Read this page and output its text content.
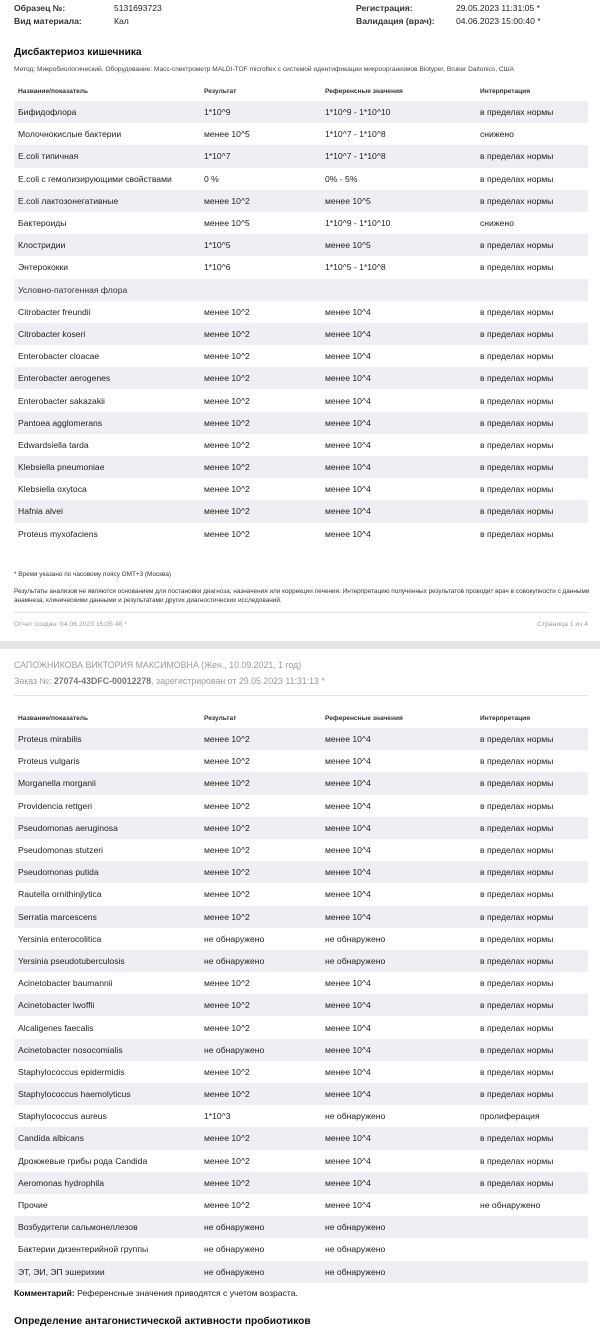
Образец №:	5131693723	Регистрация:	29.05.2023 11:31:05 *
Вид материала:	Кал	Валидация (врач): 04.06.2023 15:00:40 *
Дисбактериоз кишечника
Метод: Микробиологический. Оборудование: Масс-спектрометр MALDI-TOF microflex с системой идентификации микроорганизмов Biotyper, Bruker Daltonics, США
Название/показатель	Результат	Референсные значения	Интерпретация
Бифидофлора	1*10^9	1*10^9 - 1*10^10	в пределах нормы
Молочнокислые бактерии	менее 10^5	1*10^7 - 1*10^8	снижено
E.coli типичная	1*10^7	1*10^7 - 1*10^8	в пределах нормы
E.coli с гемолизирующими свойствами	0 %	0% - 5%	в пределах нормы
E.coli лактозонегативные	менее 10^2	менее 10^5	в пределах нормы
Бактероиды	менее 10^5	1*10^9 - 1*10^10	снижено
Клостридии	1*10^5	менее 10^5	в пределах нормы
Энтерококки	1*10^6	1*10^5 - 1*10^8	в пределах нормы
Условно-патогенная флора			
Citrobacter freundii	менее 10^2	менее 10^4	в пределах нормы
Citrobacter koseri	менее 10^2	менее 10^4	в пределах нормы
Enterobacter cloacae	менее 10^2	менее 10^4	в пределах нормы
Enterobacter aerogenes	менее 10^2	менее 10^4	в пределах нормы
Enterobacter sakazakii	менее 10^2	менее 10^4	в пределах нормы
Pantoea agglomerans	менее 10^2	менее 10^4	в пределах нормы
Edwardsiella tarda	менее 10^2	менее 10^4	в пределах нормы
Klebsiella pneumoniae	менее 10^2	менее 10^4	в пределах нормы
Klebsiella oxytoca	менее 10^2	менее 10^4	в пределах нормы
Hafnia alvei	менее 10^2	менее 10^4	в пределах нормы
Proteus myxofaciens	менее 10^2	менее 10^4	в пределах нормы
* Время указано по часовому поясу GMT+3 (Москва)
Результаты анализов не являются основанием для постановки диагноза, назначения или коррекции лечения. Интерпретацию полученных результатов проводит врач в совокупности с данными анамнеза, клиническими данными и результатами других диагностических исследований.
Отчет создан: 04.06.2023 15:05:48 *	Страница 1 из 4
САПОЖНИКОВА ВИКТОРИЯ МАКСИМОВНА (Жен., 10.09.2021, 1 год)
Заказ №: 27074-43DFC-00012278, зарегистрирован от 29.05.2023 11:31:13 *
Название/показатель	Результат	Референсные значения	Интерпретация
Proteus mirabilis	менее 10^2	менее 10^4	в пределах нормы
Proteus vulgaris	менее 10^2	менее 10^4	в пределах нормы
Morganella morganii	менее 10^2	менее 10^4	в пределах нормы
Providencia rettgeri	менее 10^2	менее 10^4	в пределах нормы
Pseudomonas aeruginosa	менее 10^2	менее 10^4	в пределах нормы
Pseudomonas stutzeri	менее 10^2	менее 10^4	в пределах нормы
Pseudomonas putida	менее 10^2	менее 10^4	в пределах нормы
Rautella ornithinjlytica	менее 10^2	менее 10^4	в пределах нормы
Serratia marcescens	менее 10^2	менее 10^4	в пределах нормы
Yersinia enterocolitica	не обнаружено	не обнаружено	в пределах нормы
Yersinia pseudotuberculosis	не обнаружено	не обнаружено	в пределах нормы
Acinetobacter baumannii	менее 10^2	менее 10^4	в пределах нормы
Acinetobacter lwoffii	менее 10^2	менее 10^4	в пределах нормы
Alcaligenes faecalis	менее 10^2	менее 10^4	в пределах нормы
Acinetobacter nosocomialis	не обнаружено	менее 10^4	в пределах нормы
Staphylococcus epidermidis	менее 10^2	менее 10^4	в пределах нормы
Staphylococcus haemolyticus	менее 10^2	менее 10^4	в пределах нормы
Staphylococcus aureus	1*10^3	не обнаружено	пролиферация
Candida albicans	менее 10^2	менее 10^4	в пределах нормы
Дрожжевые грибы рода Candida	менее 10^2	менее 10^4	в пределах нормы
Aeromonas hydrophila	менее 10^2	менее 10^4	в пределах нормы
Прочие	менее 10^2	менее 10^4	не обнаружено
Возбудители сальмонеллезов	не обнаружено	не обнаружено	
Бактерии дизентерийной группы	не обнаружено	не обнаружено	
ЭТ, ЭИ, ЭП эшерихии	не обнаружено	не обнаружено	
Комментарий: Референсные значения приводятся с учетом возраста.
Определение антагонистической активности пробиотиков
